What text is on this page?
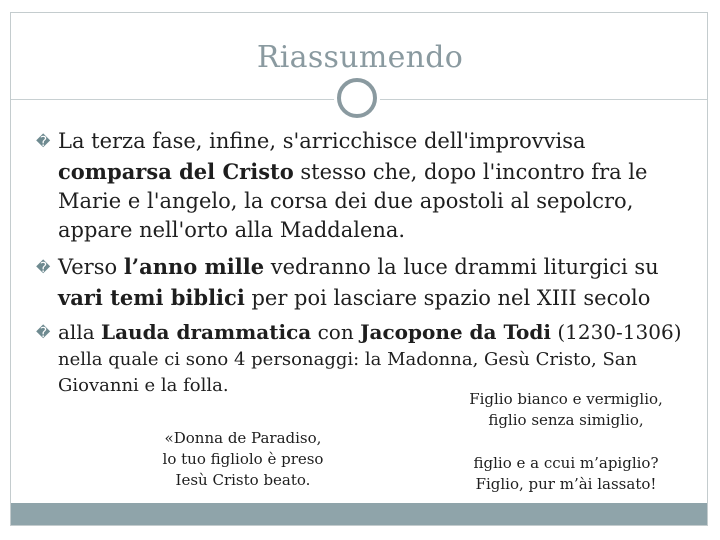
Riassumendo
� La terza fase, infine, s'arricchisce dell'improvvisa
comparsa del Cristo stesso che, dopo l'incontro fra le
Marie e l'angelo, la corsa dei due apostoli al sepolcro,
appare nell'orto alla Maddalena.
� Verso l’anno mille vedranno la luce drammi liturgici su
vari temi biblici per poi lasciare spazio nel XIII secolo
� alla Lauda drammatica con Jacopone da Todi (1230-1306)
nella quale ci sono 4 personaggi: la Madonna, Gesù Cristo, San
Giovanni e la folla.
«Donna de Paradiso,
lo tuo figliolo è preso
Iesù Cristo beato.
Figlio bianco e vermiglio,
figlio senza simiglio,
figlio e a ccui m’apiglio?
Figlio, pur m’ài lassato!
